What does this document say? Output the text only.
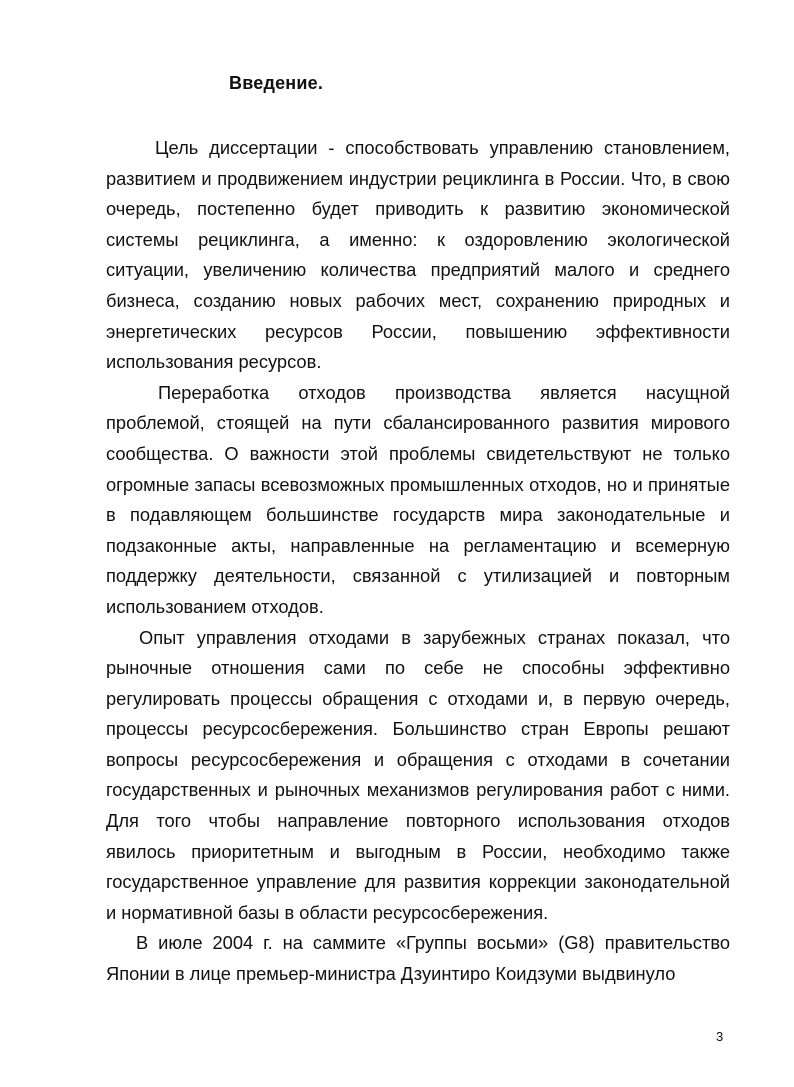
Введение.

Цель диссертации - способствовать управлению становлением, развитием и продвижением индустрии рециклинга в России. Что, в свою очередь, постепенно будет приводить к развитию экономической системы рециклинга, а именно: к оздоровлению экологической ситуации, увеличению количества предприятий малого и среднего бизнеса, созданию новых рабочих мест, сохранению природных и энергетических ресурсов России, повышению эффективности использования ресурсов.

Переработка отходов производства является насущной проблемой, стоящей на пути сбалансированного развития мирового сообщества. О важности этой проблемы свидетельствуют не только огромные запасы всевозможных промышленных отходов, но и принятые в подавляющем большинстве государств мира законодательные и подзаконные акты, направленные на регламентацию и всемерную поддержку деятельности, связанной с утилизацией и повторным использованием отходов.

Опыт управления отходами в зарубежных странах показал, что рыночные отношения сами по себе не способны эффективно регулировать процессы обращения с отходами и, в первую очередь, процессы ресурсосбережения. Большинство стран Европы решают вопросы ресурсосбережения и обращения с отходами в сочетании государственных и рыночных механизмов регулирования работ с ними. Для того чтобы направление повторного использования отходов явилось приоритетным и выгодным в России, необходимо также государственное управление для развития коррекции законодательной и нормативной базы в области ресурсосбережения.

В июле 2004 г. на саммите «Группы восьми» (G8) правительство Японии в лице премьер-министра Дзуинтиро Коидзуми выдвинуло

3
